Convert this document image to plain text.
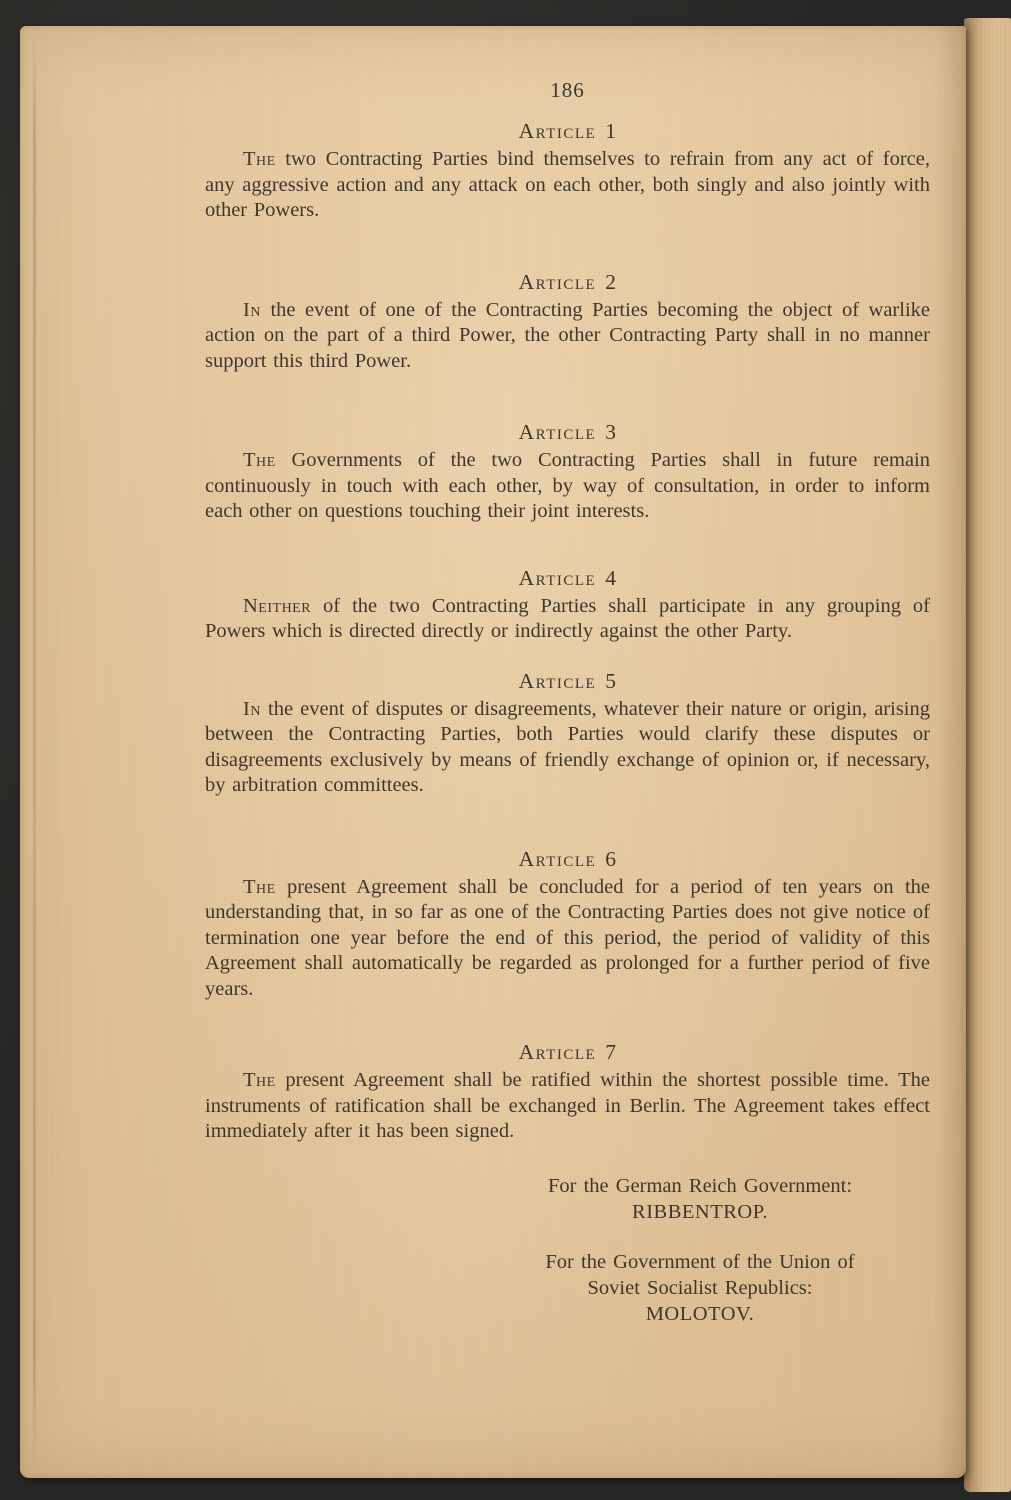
186
Article 1

The two Contracting Parties bind themselves to refrain from any act of force, any aggressive action and any attack on each other, both singly and also jointly with other Powers.

Article 2

In the event of one of the Contracting Parties becoming the object of warlike action on the part of a third Power, the other Contracting Party shall in no manner support this third Power.

Article 3

The Governments of the two Contracting Parties shall in future remain continuously in touch with each other, by way of consultation, in order to inform each other on questions touching their joint interests.

Article 4

Neither of the two Contracting Parties shall participate in any grouping of Powers which is directed directly or indirectly against the other Party.

Article 5

In the event of disputes or disagreements, whatever their nature or origin, arising between the Contracting Parties, both Parties would clarify these disputes or disagreements exclusively by means of friendly exchange of opinion or, if necessary, by arbitration committees.

Article 6

The present Agreement shall be concluded for a period of ten years on the understanding that, in so far as one of the Contracting Parties does not give notice of termination one year before the end of this period, the period of validity of this Agreement shall automatically be regarded as prolonged for a further period of five years.

Article 7

The present Agreement shall be ratified within the shortest possible time. The instruments of ratification shall be exchanged in Berlin. The Agreement takes effect immediately after it has been signed.

For the German Reich Government:
RIBBENTROP.
For the Government of the Union of
Soviet Socialist Republics:
MOLOTOV.
